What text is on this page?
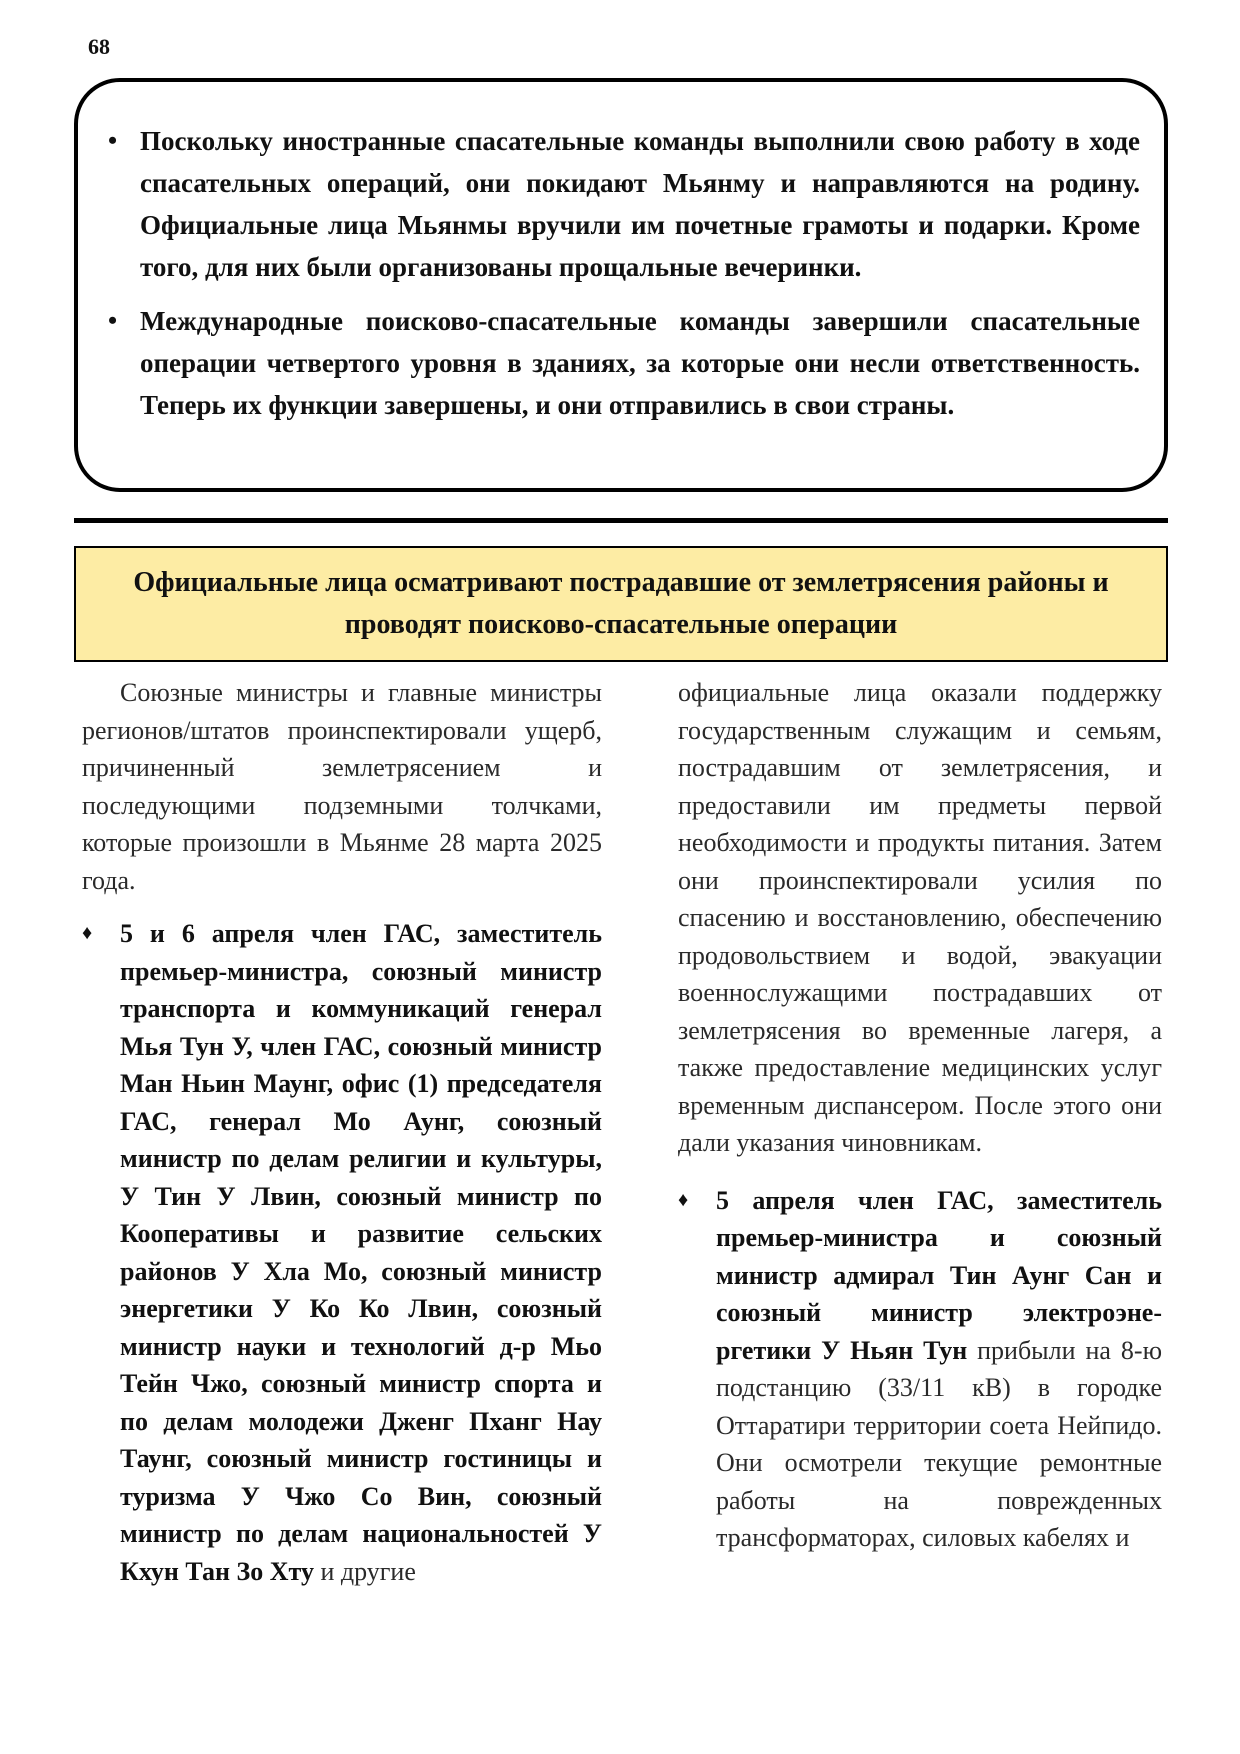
68
• Поскольку иностранные спасательные команды выполнили свою работу в ходе спасательных операций, они покидают Мьянму и направляются на родину. Официальные лица Мьянмы вручили им почетные грамоты и подарки. Кроме того, для них были организованы прощальные вечеринки.
• Международные поисково-спасательные команды завершили спасательные операции четвертого уровня в зданиях, за которые они несли ответственность. Теперь их функции завершены, и они отправились в свои страны.
Официальные лица осматривают пострадавшие от землетрясения районы и проводят поисково-спасательные операции

Союзные министры и главные министры регионов/штатов проинспектировали ущерб, причиненный землетрясением и последующими подземными толчками, которые произошли в Мьянме 28 марта 2025 года.

♦ 5 и 6 апреля член ГАС, заместитель премьер-министра, союзный министр транспорта и коммуникаций генерал Мья Тун У, член ГАС, союзный министр Ман Ньин Маунг, офис (1) председателя ГАС, генерал Мо Аунг, союзный министр по делам религии и культуры, У Тин У Лвин, союзный министр по Кооперативы и развитие сельских районов У Хла Мо, союзный министр энергетики У Ко Ко Лвин, союзный министр науки и технологий д-р Мьо Тейн Чжо, союзный министр спорта и по делам молодежи Дженг Пханг Нау Таунг, союзный министр гостиницы и туризма У Чжо Со Вин, союзный министр по делам национальностей У Кхун Тан Зо Хту и другие

официальные лица оказали поддержку государственным служащим и семьям, пострадавшим от землетрясения, и предоставили им предметы первой необходимости и продукты питания. Затем они проинспектировали усилия по спасению и восстановлению, обеспечению продовольствием и водой, эвакуации военнослужащими пострадавших от землетрясения во временные лагеря, а также предоставление медицинских услуг временным диспансером. После этого они дали указания чиновникам.

♦ 5 апреля член ГАС, заместитель премьер-министра и союзный министр адмирал Тин Аунг Сан и союзный министр электроэне-ргетики У Ньян Тун прибыли на 8-ю подстанцию (33/11 кВ) в городке Оттаратири территории соета Нейпидо. Они осмотрели текущие ремонтные работы на поврежденных трансформаторах, силовых кабелях и
